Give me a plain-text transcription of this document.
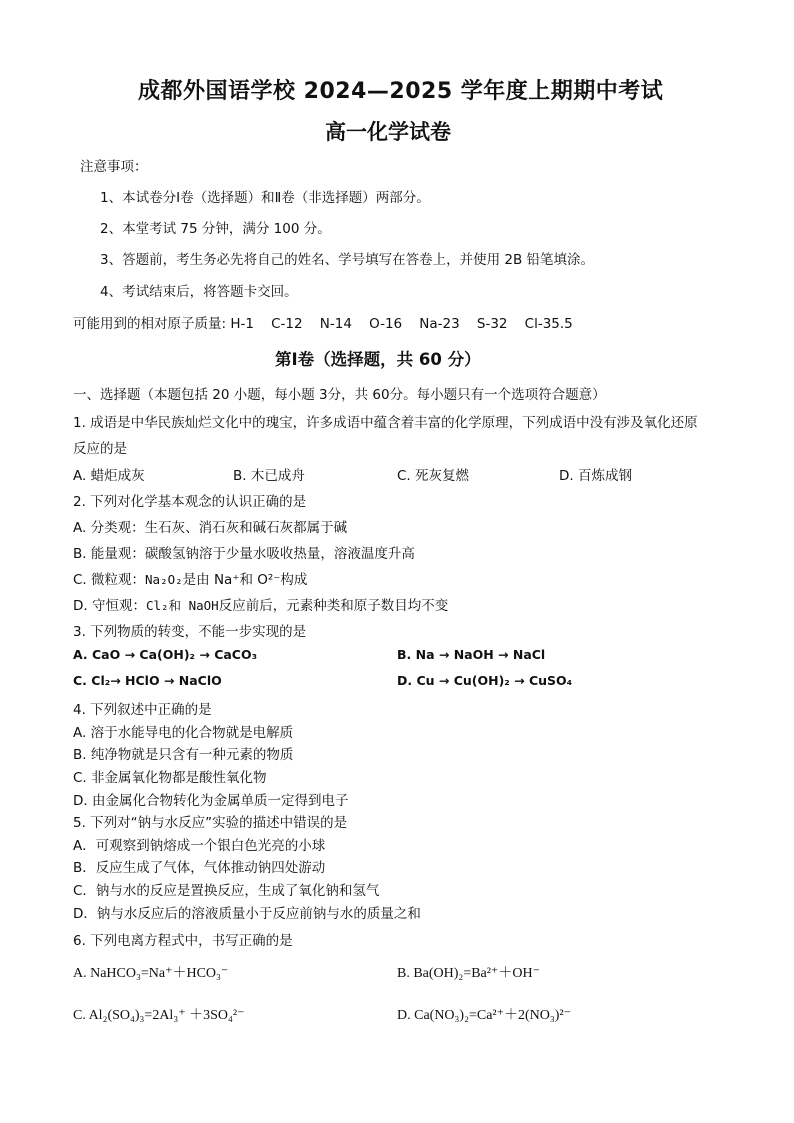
成都外国语学校 2024—2025 学年度上期期中考试
高一化学试卷
注意事项：
1、本试卷分Ⅰ卷（选择题）和Ⅱ卷（非选择题）两部分。
2、本堂考试 75 分钟，满分 100 分。
3、答题前，考生务必先将自己的姓名、学号填写在答卷上，并使用 2B 铅笔填涂。
4、考试结束后，将答题卡交回。
可能用到的相对原子质量: H-1    C-12    N-14    O-16    Na-23    S-32    Cl-35.5
第Ⅰ卷（选择题，共 60 分）
一、选择题（本题包括 20 小题，每小题 3分，共 60分。每小题只有一个选项符合题意）
1. 成语是中华民族灿烂文化中的瑰宝，许多成语中蕴含着丰富的化学原理，下列成语中没有涉及氧化还原
反应的是
A. 蜡炬成灰	B. 木已成舟	C. 死灰复燃	D. 百炼成钢
2. 下列对化学基本观念的认识正确的是
A. 分类观：生石灰、消石灰和碱石灰都属于碱
B. 能量观：碳酸氢钠溶于少量水吸收热量，溶液温度升高
C. 微粒观：Na₂O₂是由 Na⁺和 O²⁻构成
D. 守恒观：Cl₂和 NaOH反应前后，元素种类和原子数目均不变
3. 下列物质的转变，不能一步实现的是
A. CaO → Ca(OH)₂ → CaCO₃	B. Na → NaOH → NaCl
C. Cl₂→ HClO → NaClO	D. Cu → Cu(OH)₂ → CuSO₄
4. 下列叙述中正确的是
A. 溶于水能导电的化合物就是电解质
B. 纯净物就是只含有一种元素的物质
C. 非金属氧化物都是酸性氧化物
D. 由金属化合物转化为金属单质一定得到电子
5. 下列对“钠与水反应”实验的描述中错误的是
A．可观察到钠熔成一个银白色光亮的小球
B．反应生成了气体，气体推动钠四处游动
C．钠与水的反应是置换反应，生成了氧化钠和氢气
D．钠与水反应后的溶液质量小于反应前钠与水的质量之和
6. 下列电离方程式中，书写正确的是
A. NaHCO₃=Na⁺＋HCO₃⁻	B. Ba(OH)₂=Ba²⁺＋OH⁻
C. Al₂(SO₄)₃=2Al₃⁺ ＋3SO₄²⁻	D. Ca(NO₃)₂=Ca²⁺＋2(NO₃)²⁻
